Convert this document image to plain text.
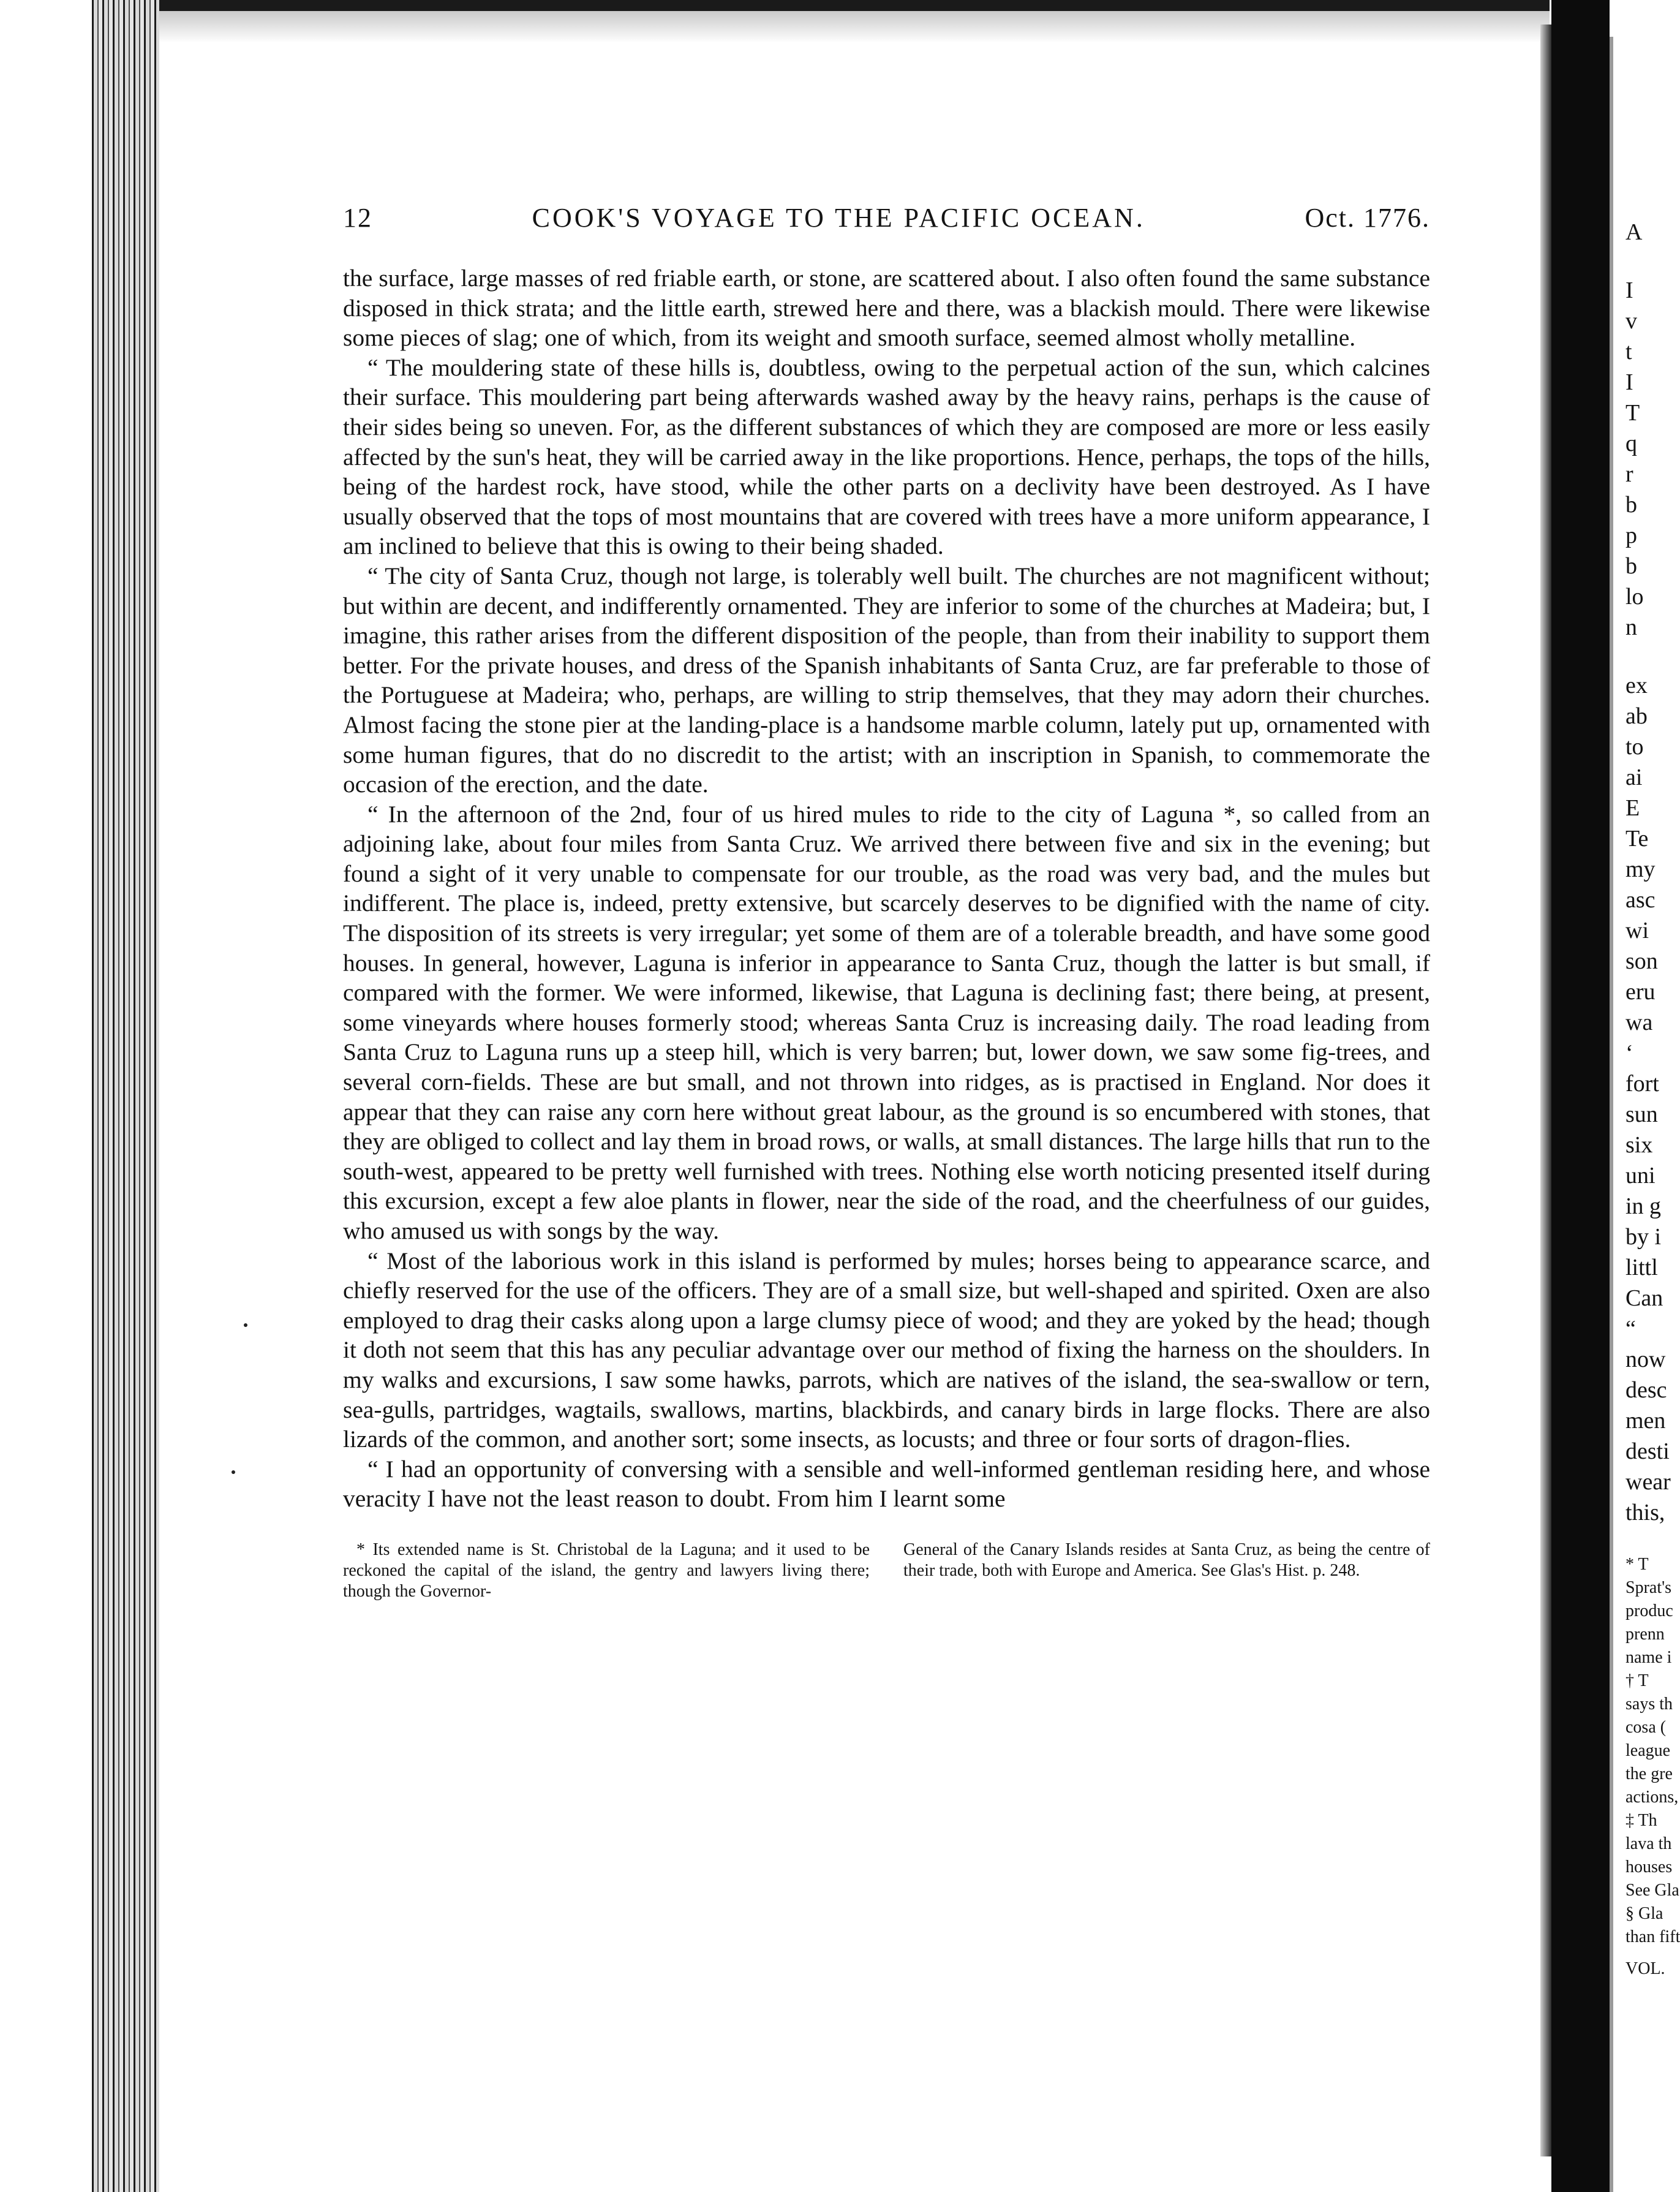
12	COOK'S VOYAGE TO THE PACIFIC OCEAN.	Oct. 1776.

the surface, large masses of red friable earth, or stone, are scattered about. I also often found the same substance disposed in thick strata; and the little earth, strewed here and there, was a blackish mould. There were likewise some pieces of slag; one of which, from its weight and smooth surface, seemed almost wholly metalline.

“ The mouldering state of these hills is, doubtless, owing to the perpetual action of the sun, which calcines their surface. This mouldering part being afterwards washed away by the heavy rains, perhaps is the cause of their sides being so uneven. For, as the different substances of which they are composed are more or less easily affected by the sun's heat, they will be carried away in the like proportions. Hence, perhaps, the tops of the hills, being of the hardest rock, have stood, while the other parts on a declivity have been destroyed. As I have usually observed that the tops of most mountains that are covered with trees have a more uniform appearance, I am inclined to believe that this is owing to their being shaded.

“ The city of Santa Cruz, though not large, is tolerably well built. The churches are not magnificent without; but within are decent, and indifferently ornamented. They are inferior to some of the churches at Madeira; but, I imagine, this rather arises from the different disposition of the people, than from their inability to support them better. For the private houses, and dress of the Spanish inhabitants of Santa Cruz, are far preferable to those of the Portuguese at Madeira; who, perhaps, are willing to strip themselves, that they may adorn their churches. Almost facing the stone pier at the landing-place is a handsome marble column, lately put up, ornamented with some human figures, that do no discredit to the artist; with an inscription in Spanish, to commemorate the occasion of the erection, and the date.

“ In the afternoon of the 2nd, four of us hired mules to ride to the city of Laguna *, so called from an adjoining lake, about four miles from Santa Cruz. We arrived there between five and six in the evening; but found a sight of it very unable to compensate for our trouble, as the road was very bad, and the mules but indifferent. The place is, indeed, pretty extensive, but scarcely deserves to be dignified with the name of city. The disposition of its streets is very irregular; yet some of them are of a tolerable breadth, and have some good houses. In general, however, Laguna is inferior in appearance to Santa Cruz, though the latter is but small, if compared with the former. We were informed, likewise, that Laguna is declining fast; there being, at present, some vineyards where houses formerly stood; whereas Santa Cruz is increasing daily. The road leading from Santa Cruz to Laguna runs up a steep hill, which is very barren; but, lower down, we saw some fig-trees, and several corn-fields. These are but small, and not thrown into ridges, as is practised in England. Nor does it appear that they can raise any corn here without great labour, as the ground is so encumbered with stones, that they are obliged to collect and lay them in broad rows, or walls, at small distances. The large hills that run to the south-west, appeared to be pretty well furnished with trees. Nothing else worth noticing presented itself during this excursion, except a few aloe plants in flower, near the side of the road, and the cheerfulness of our guides, who amused us with songs by the way.

“ Most of the laborious work in this island is performed by mules; horses being to appearance scarce, and chiefly reserved for the use of the officers. They are of a small size, but well-shaped and spirited. Oxen are also employed to drag their casks along upon a large clumsy piece of wood; and they are yoked by the head; though it doth not seem that this has any peculiar advantage over our method of fixing the harness on the shoulders. In my walks and excursions, I saw some hawks, parrots, which are natives of the island, the sea-swallow or tern, sea-gulls, partridges, wagtails, swallows, martins, blackbirds, and canary birds in large flocks. There are also lizards of the common, and another sort; some insects, as locusts; and three or four sorts of dragon-flies.

“ I had an opportunity of conversing with a sensible and well-informed gentleman residing here, and whose veracity I have not the least reason to doubt. From him I learnt some

* Its extended name is St. Christobal de la Laguna; and it used to be reckoned the capital of the island, the gentry and lawyers living there; though the Governor-

General of the Canary Islands resides at Santa Cruz, as being the centre of their trade, both with Europe and America. See Glas's Hist. p. 248.

A
I
v
t
I
T
q
r
b
p
b
lo
n
ex
ab
to
ai
E
Te
my
asc
wi
son
eru
wa
‘
fort
sun
six
uni
in g
by i
littl
Can
“
now
desc
men
desti
wear
this,
* T
Sprat's
produc
prenn
name i
† T
says th
cosa (
league
the gre
actions,
‡ Th
lava th
houses
See Gla
§ Gla
than fift
VOL.
